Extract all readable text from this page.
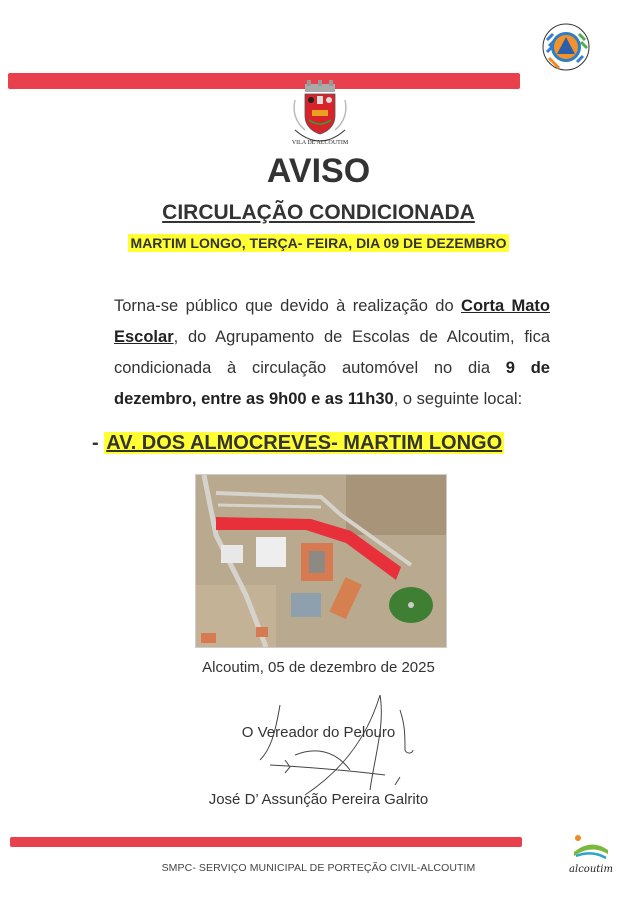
VILA DE ALCOUTIM
AVISO
CIRCULAÇÃO CONDICIONADA
MARTIM LONGO, TERÇA- FEIRA, DIA 09 DE DEZEMBRO
Torna-se público que devido à realização do Corta Mato Escolar, do Agrupamento de Escolas de Alcoutim, fica condicionada à circulação automóvel no dia 9 de dezembro, entre as 9h00 e as 11h30, o seguinte local:
- AV. DOS ALMOCREVES- MARTIM LONGO
Alcoutim, 05 de dezembro de 2025
O Vereador do Pelouro
José D’ Assunção Pereira Galrito
SMPC- SERVIÇO MUNICIPAL DE PORTEÇÃO CIVIL-ALCOUTIM	alcoutim
